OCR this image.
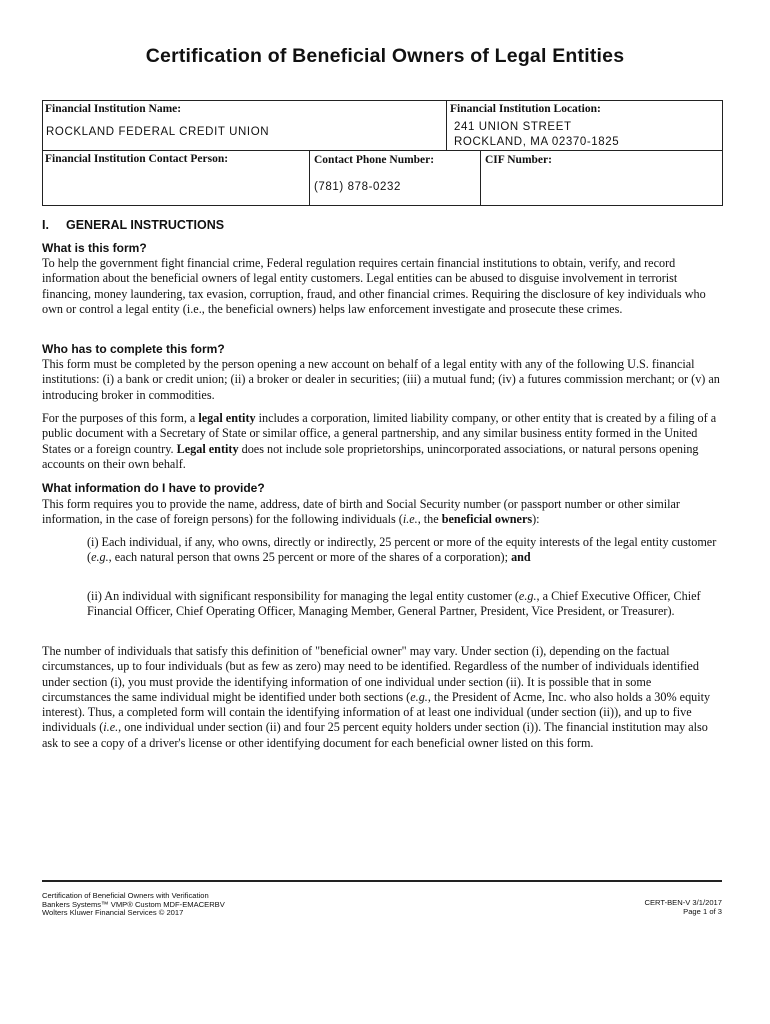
Certification of Beneficial Owners of Legal Entities
Financial Institution Name:
ROCKLAND FEDERAL CREDIT UNION
Financial Institution Location:
241 UNION STREET
ROCKLAND, MA 02370-1825
Financial Institution Contact Person:	Contact Phone Number:
(781) 878-0232
CIF Number:
I. GENERAL INSTRUCTIONS
What is this form?

To help the government fight financial crime, Federal regulation requires certain financial institutions to obtain, verify, and record information about the beneficial owners of legal entity customers. Legal entities can be abused to disguise involvement in terrorist financing, money laundering, tax evasion, corruption, fraud, and other financial crimes. Requiring the disclosure of key individuals who own or control a legal entity (i.e., the beneficial owners) helps law enforcement investigate and prosecute these crimes.

Who has to complete this form?

This form must be completed by the person opening a new account on behalf of a legal entity with any of the following U.S. financial institutions: (i) a bank or credit union; (ii) a broker or dealer in securities; (iii) a mutual fund; (iv) a futures commission merchant; or (v) an introducing broker in commodities.

For the purposes of this form, a legal entity includes a corporation, limited liability company, or other entity that is created by a filing of a public document with a Secretary of State or similar office, a general partnership, and any similar business entity formed in the United States or a foreign country. Legal entity does not include sole proprietorships, unincorporated associations, or natural persons opening accounts on their own behalf.

What information do I have to provide?

This form requires you to provide the name, address, date of birth and Social Security number (or passport number or other similar information, in the case of foreign persons) for the following individuals (i.e., the beneficial owners):

(i) Each individual, if any, who owns, directly or indirectly, 25 percent or more of the equity interests of the legal entity customer (e.g., each natural person that owns 25 percent or more of the shares of a corporation); and

(ii) An individual with significant responsibility for managing the legal entity customer (e.g., a Chief Executive Officer, Chief Financial Officer, Chief Operating Officer, Managing Member, General Partner, President, Vice President, or Treasurer).

The number of individuals that satisfy this definition of "beneficial owner" may vary. Under section (i), depending on the factual circumstances, up to four individuals (but as few as zero) may need to be identified. Regardless of the number of individuals identified under section (i), you must provide the identifying information of one individual under section (ii). It is possible that in some circumstances the same individual might be identified under both sections (e.g., the President of Acme, Inc. who also holds a 30% equity interest). Thus, a completed form will contain the identifying information of at least one individual (under section (ii)), and up to five individuals (i.e., one individual under section (ii) and four 25 percent equity holders under section (i)). The financial institution may also ask to see a copy of a driver's license or other identifying document for each beneficial owner listed on this form.

Certification of Beneficial Owners with Verification
Bankers Systems™ VMP® Custom MDF-EMACERBV
Wolters Kluwer Financial Services © 2017
CERT-BEN-V 3/1/2017
Page 1 of 3
